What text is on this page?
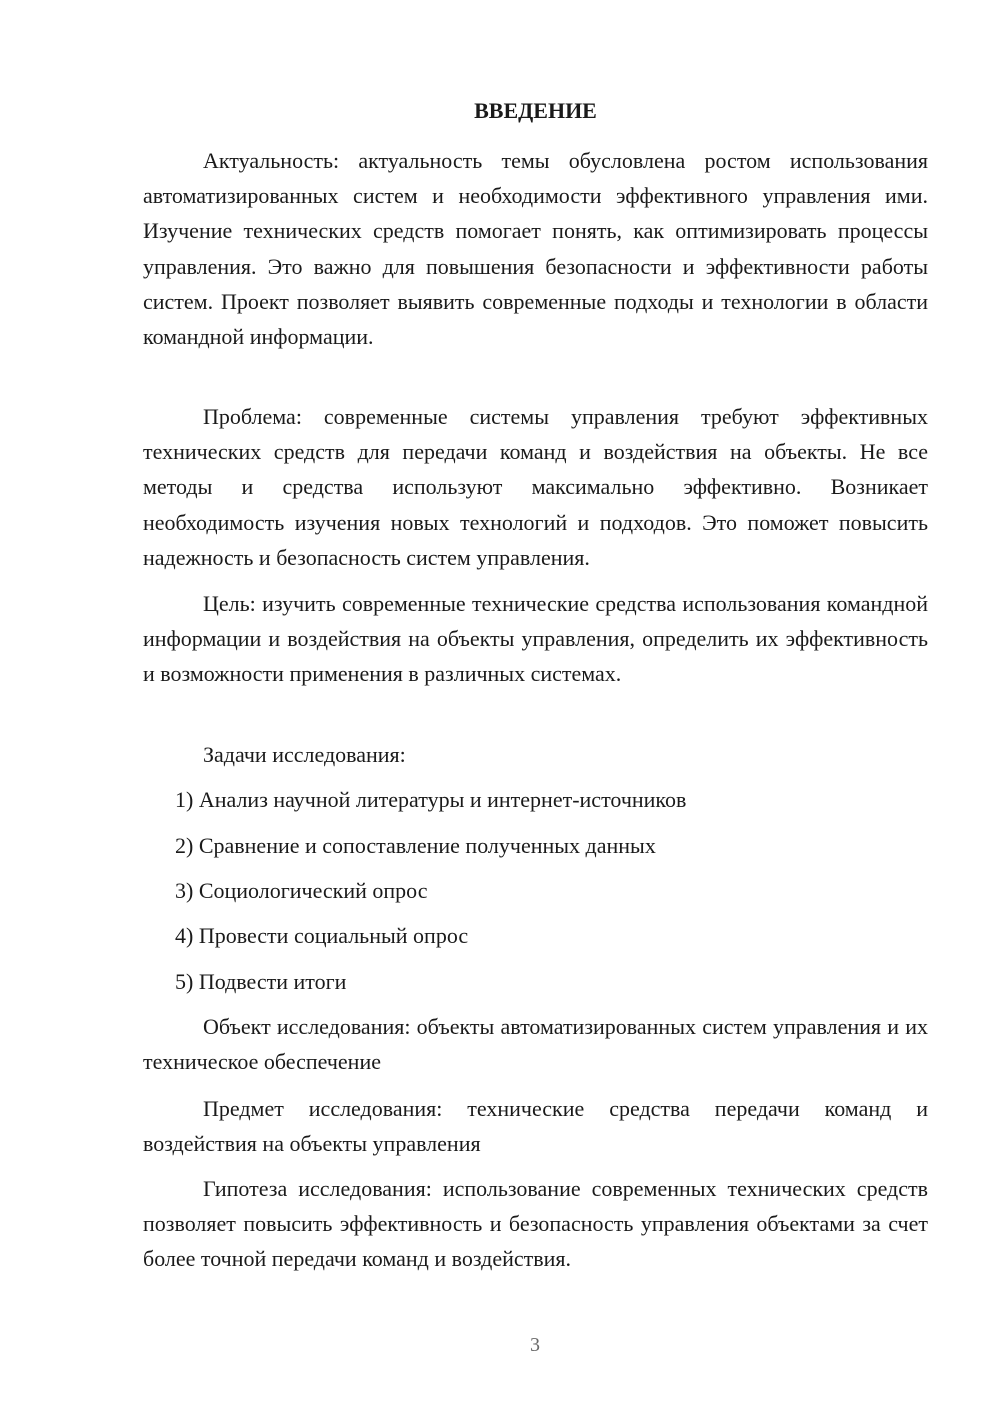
ВВЕДЕНИЕ

Актуальность: актуальность темы обусловлена ростом использования автоматизированных систем и необходимости эффективного управления ими. Изучение технических средств помогает понять, как оптимизировать процессы управления. Это важно для повышения безопасности и эффективности работы систем. Проект позволяет выявить современные подходы и технологии в области командной информации.

Проблема: современные системы управления требуют эффективных технических средств для передачи команд и воздействия на объекты. Не все методы и средства используют максимально эффективно. Возникает необходимость изучения новых технологий и подходов. Это поможет повысить надежность и безопасность систем управления.

Цель: изучить современные технические средства использования командной информации и воздействия на объекты управления, определить их эффективность и возможности применения в различных системах.

Задачи исследования:

1) Анализ научной литературы и интернет-источников

2) Сравнение и сопоставление полученных данных

3) Социологический опрос

4) Провести социальный опрос

5) Подвести итоги

Объект исследования: объекты автоматизированных систем управления и их техническое обеспечение

Предмет исследования: технические средства передачи команд и воздействия на объекты управления

Гипотеза исследования: использование современных технических средств позволяет повысить эффективность и безопасность управления объектами за счет более точной передачи команд и воздействия.

3
